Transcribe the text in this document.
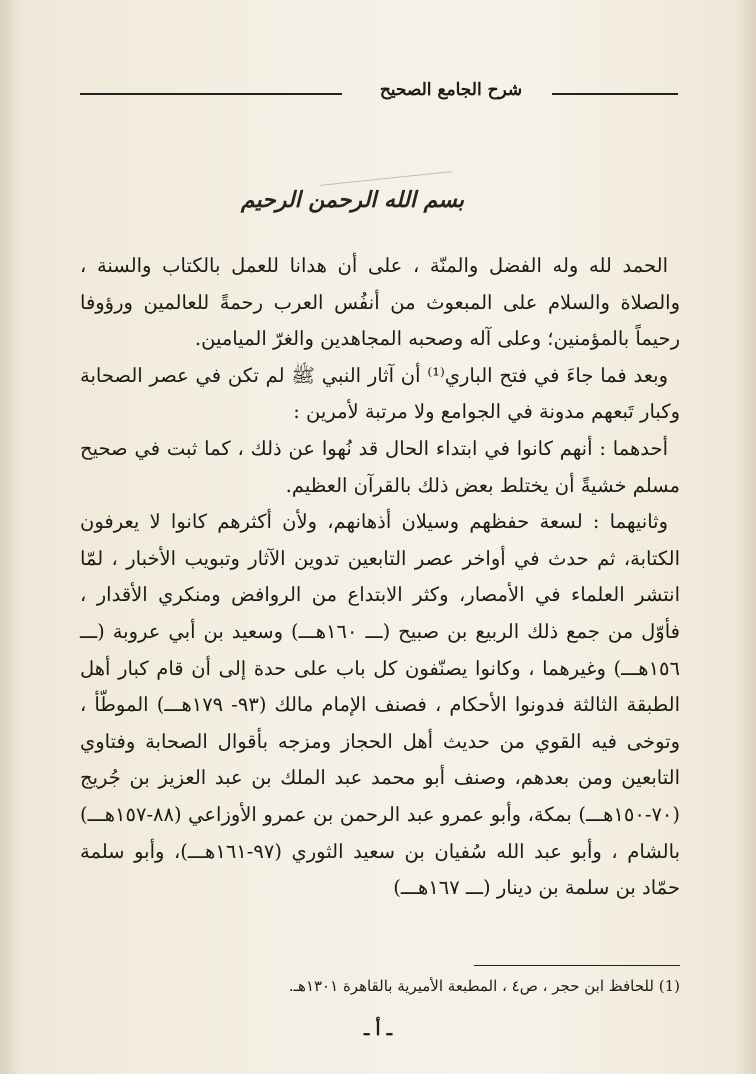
شرح الجامع الصحيح
بسم الله الرحمن الرحيم

الحمد لله وله الفضل والمنّة ، على أن هدانا للعمل بالكتاب والسنة ، والصلاة والسلام على المبعوث من أنفُس العرب رحمةً للعالمين ورؤوفا رحيماً بالمؤمنين؛ وعلى آله وصحبه المجاهدين والغرّ الميامين.

وبعد فما جاءَ في فتح الباري⁽¹⁾ أن آثار النبي ﷺ لم تكن في عصر الصحابة وكبار تَبعهم مدونة في الجوامع ولا مرتبة لأمرين :

أحدهما : أنهم كانوا في ابتداء الحال قد نُهوا عن ذلك ، كما ثبت في صحيح مسلم خشيةً أن يختلط بعض ذلك بالقرآن العظيم.

وثانيهما : لسعة حفظهم وسيلان أذهانهم، ولأن أكثرهم كانوا لا يعرفون الكتابة، ثم حدث في أواخر عصر التابعين تدوين الآثار وتبويب الأخبار ، لمّا انتشر العلماء في الأمصار، وكثر الابتداع من الروافض ومنكري الأقدار ، فأوّل من جمع ذلك الربيع بن صبيح (ـــ ١٦٠هـــ) وسعيد بن أبي عروبة (ـــ ١٥٦هـــ) وغيرهما ، وكانوا يصنّفون كل باب على حدة إلى أن قام كبار أهل الطبقة الثالثة فدونوا الأحكام ، فصنف الإمام مالك (٩٣- ١٧٩هـــ) الموطّأ ، وتوخى فيه القوي من حديث أهل الحجاز ومزجه بأقوال الصحابة وفتاوي التابعين ومن بعدهم، وصنف أبو محمد عبد الملك بن عبد العزيز بن جُريج (٧٠-١٥٠هـــ) بمكة، وأبو عمرو عبد الرحمن بن عمرو الأوزاعي (٨٨-١٥٧هـــ) بالشام ، وأبو عبد الله سُفيان بن سعيد الثوري (٩٧-١٦١هـــ)، وأبو سلمة حمّاد بن سلمة بن دينار (ـــ ١٦٧هـــ)

(1) للحافظ ابن حجر ، ص٤ ، المطبعة الأميرية بالقاهرة ١٣٠١هـ.
ـ أ ـ
